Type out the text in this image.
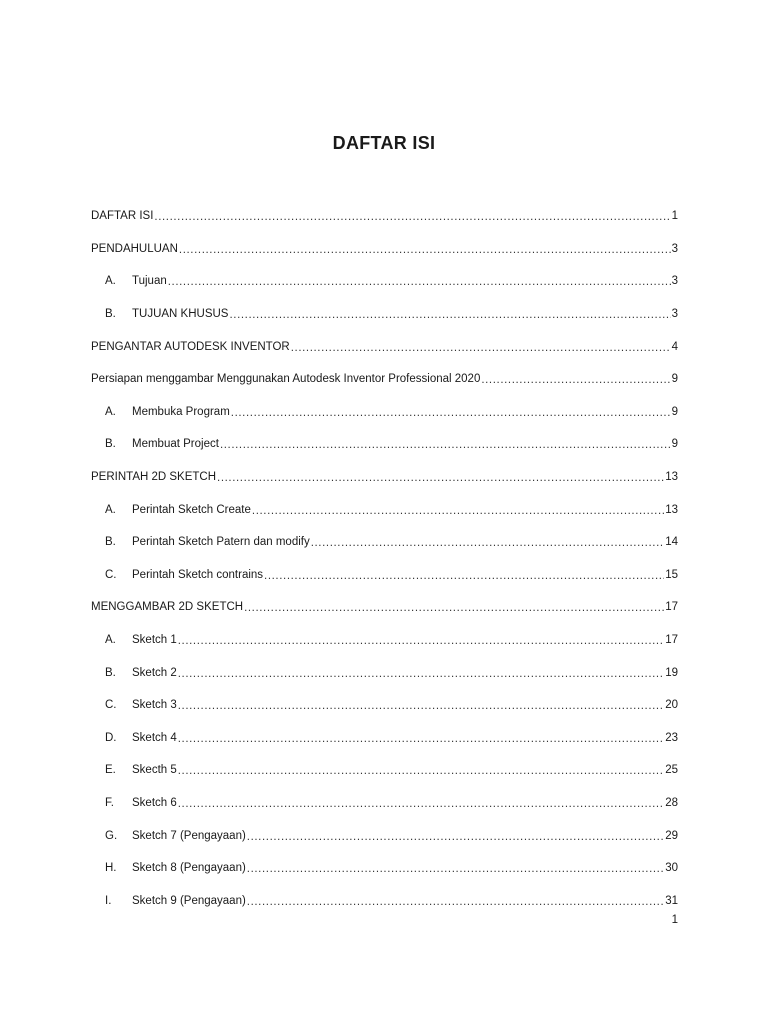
DAFTAR ISI
DAFTAR ISI .....	1
PENDAHULUAN .....	3
A.	Tujuan .....	3
B.	TUJUAN KHUSUS .....	3
PENGANTAR AUTODESK INVENTOR .....	4
Persiapan menggambar Menggunakan Autodesk Inventor Professional 2020 .....	9
A.	Membuka Program .....	9
B.	Membuat Project .....	9
PERINTAH 2D SKETCH .....	13
A.	Perintah Sketch Create .....	13
B.	Perintah Sketch Patern dan modify .....	14
C.	Perintah Sketch contrains .....	15
MENGGAMBAR 2D SKETCH .....	17
A.	Sketch 1 .....	17
B.	Sketch 2 .....	19
C.	Sketch 3 .....	20
D.	Sketch 4 .....	23
E.	Skecth 5 .....	25
F.	Sketch 6 .....	28
G.	Sketch 7 (Pengayaan) .....	29
H.	Sketch 8 (Pengayaan) .....	30
I.	Sketch 9 (Pengayaan) .....	31
1
